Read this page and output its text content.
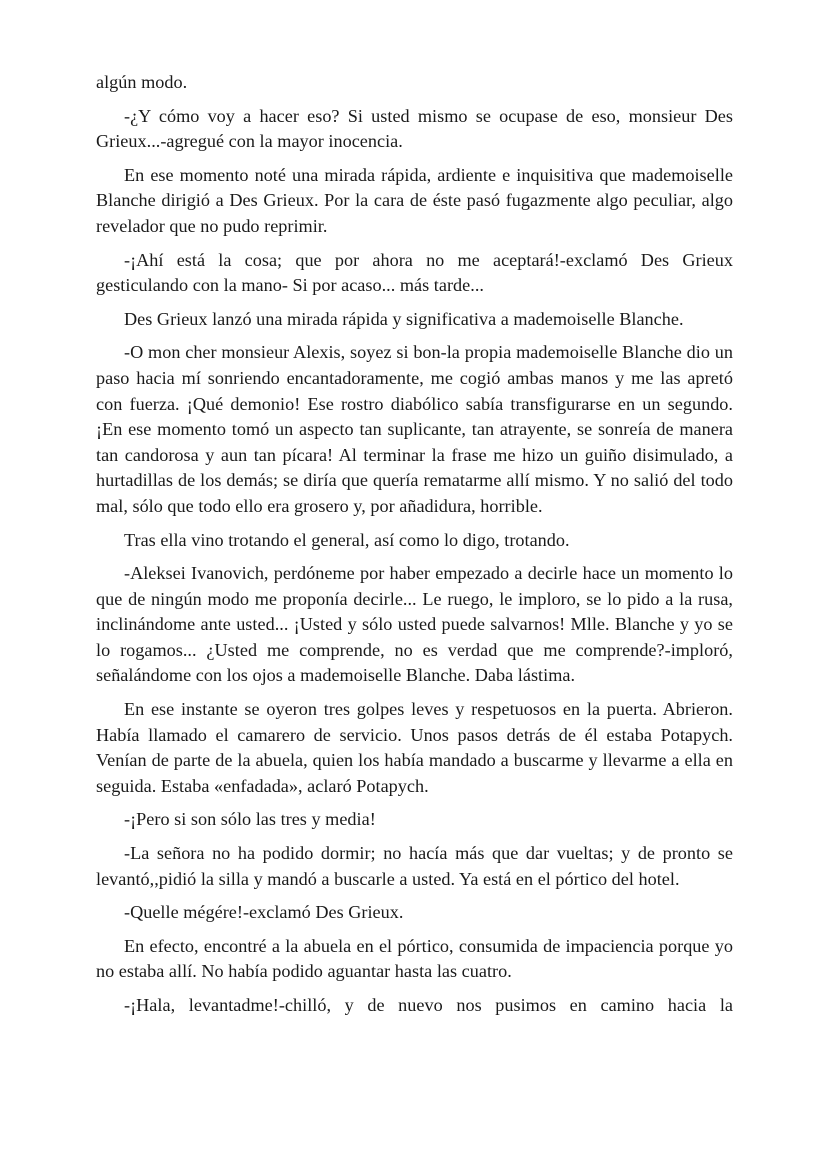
algún modo.

-¿Y cómo voy a hacer eso? Si usted mismo se ocupase de eso, monsieur Des Grieux...-agregué con la mayor inocencia.

En ese momento noté una mirada rápida, ardiente e inquisitiva que mademoiselle Blanche dirigió a Des Grieux. Por la cara de éste pasó fugazmente algo peculiar, algo revelador que no pudo reprimir.

-¡Ahí está la cosa; que por ahora no me aceptará!-exclamó Des Grieux gesticulando con la mano- Si por acaso... más tarde...

Des Grieux lanzó una mirada rápida y significativa a mademoiselle Blanche.

-O mon cher monsieur Alexis, soyez si bon-la propia mademoiselle Blanche dio un paso hacia mí sonriendo encantadoramente, me cogió ambas manos y me las apretó con fuerza. ¡Qué demonio! Ese rostro diabólico sabía transfigurarse en un segundo. ¡En ese momento tomó un aspecto tan suplicante, tan atrayente, se sonreía de manera tan candorosa y aun tan pícara! Al terminar la frase me hizo un guiño disimulado, a hurtadillas de los demás; se diría que quería rematarme allí mismo. Y no salió del todo mal, sólo que todo ello era grosero y, por añadidura, horrible.

Tras ella vino trotando el general, así como lo digo, trotando.

-Aleksei Ivanovich, perdóneme por haber empezado a decirle hace un momento lo que de ningún modo me proponía decirle... Le ruego, le imploro, se lo pido a la rusa, inclinándome ante usted... ¡Usted y sólo usted puede salvarnos! Mlle. Blanche y yo se lo rogamos... ¿Usted me comprende, no es verdad que me comprende?-imploró, señalándome con los ojos a mademoiselle Blanche. Daba lástima.

En ese instante se oyeron tres golpes leves y respetuosos en la puerta. Abrieron. Había llamado el camarero de servicio. Unos pasos detrás de él estaba Potapych. Venían de parte de la abuela, quien los había mandado a buscarme y llevarme a ella en seguida. Estaba «enfadada», aclaró Potapych.

-¡Pero si son sólo las tres y media!

-La señora no ha podido dormir; no hacía más que dar vueltas; y de pronto se levantó,,pidió la silla y mandó a buscarle a usted. Ya está en el pórtico del hotel.

-Quelle mégére!-exclamó Des Grieux.

En efecto, encontré a la abuela en el pórtico, consumida de impaciencia porque yo no estaba allí. No había podido aguantar hasta las cuatro.

-¡Hala, levantadme!-chilló, y de nuevo nos pusimos en camino hacia la
